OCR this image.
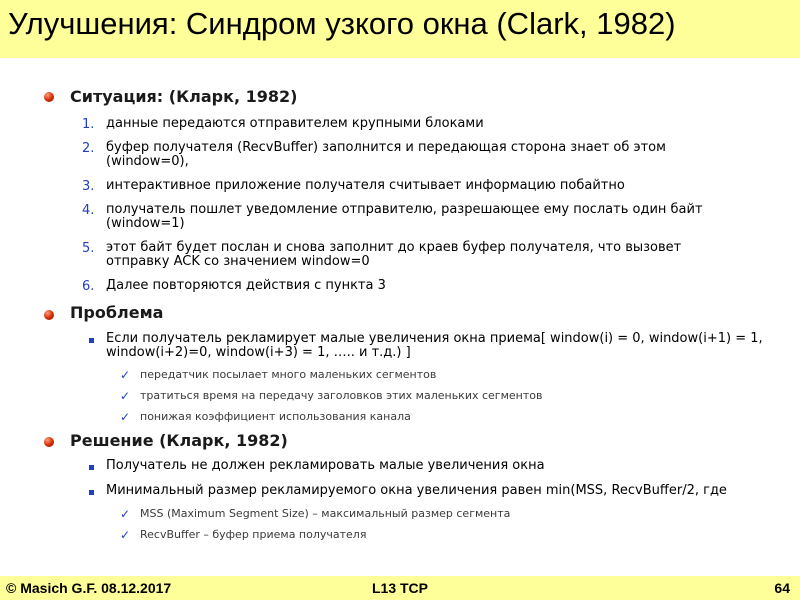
Улучшения: Синдром узкого окна (Clark, 1982)
Ситуация: (Кларк, 1982)
1. данные передаются отправителем крупными блоками
2. буфер получателя (RecvBuffer) заполнится и передающая сторона знает об этом (window=0),
3. интерактивное приложение получателя считывает информацию побайтно
4. получатель пошлет уведомление отправителю, разрешающее ему послать один байт (window=1)
5. этот байт будет послан и снова заполнит до краев буфер получателя, что вызовет отправку ACK со значением window=0
6. Далее повторяются действия с пункта 3
Проблема
Если получатель рекламирует малые увеличения окна приема[ window(i) = 0, window(i+1) = 1, window(i+2)=0, window(i+3) = 1, ….. и т.д.) ]
✓ передатчик посылает много маленьких сегментов
✓ тратиться время на передачу заголовков этих маленьких сегментов
✓ понижая коэффициент использования канала
Решение (Кларк, 1982)
Получатель не должен рекламировать малые увеличения окна
Минимальный размер рекламируемого окна увеличения равен min(MSS, RecvBuffer/2, где
✓ MSS (Maximum Segment Size) – максимальный размер сегмента
✓ RecvBuffer – буфер приема получателя
© Masich G.F. 08.12.2017	L13 TCP	64
